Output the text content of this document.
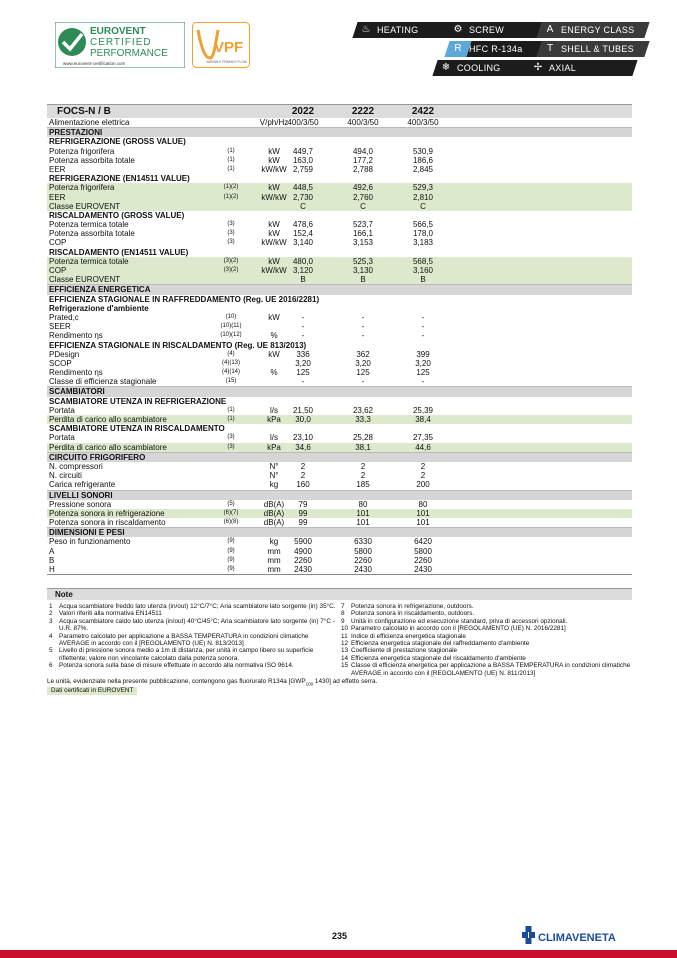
EUROVENT
CERTIFIED
PERFORMANCE
www.eurovent-certification.com
VPF
VARIABLE PRIMARY FLOW
♨ HEATING	⚙ SCREW	A ENERGY CLASS
R HFC R-134a	T SHELL & TUBES
❄ COOLING	✢ AXIAL
FOCS-N / B	2022	2222	2422
Alimentazione elettrica	V/ph/Hz 400/3/50	400/3/50	400/3/50
PRESTAZIONI
REFRIGERAZIONE (GROSS VALUE)
Potenza frigorifera	(1)	kW	449,7	494,0	530,9
Potenza assorbita totale	(1)	kW	163,0	177,2	186,6
EER	(1)	kW/kW 2,759	2,788	2,845
REFRIGERAZIONE (EN14511 VALUE)
Potenza frigorifera	(1)(2)	kW	448,5	492,6	529,3
EER	(1)(2)	kW/kW 2,730	2,760	2,810
Classe EUROVENT	C	C	C
RISCALDAMENTO (GROSS VALUE)
Potenza termica totale	(3)	kW	478,6	523,7	566,5
Potenza assorbita totale	(3)	kW	152,4	166,1	178,0
COP	(3)	kW/kW 3,140	3,153	3,183
RISCALDAMENTO (EN14511 VALUE)
Potenza termica totale	(3)(2)	kW	480,0	525,3	568,5
COP	(3)(2)	kW/kW 3,120	3,130	3,160
Classe EUROVENT	B	B	B
EFFICIENZA ENERGETICA
EFFICIENZA STAGIONALE IN RAFFREDDAMENTO (Reg. UE 2016/2281)
Refrigerazione d'ambiente
Prated,c	(10)	kW	-	-	-
SEER	(10)(11)	-	-	-
Rendimento ηs	(10)(12)	%	-	-	-
EFFICIENZA STAGIONALE IN RISCALDAMENTO (Reg. UE 813/2013)
PDesign	(4)	kW	336	362	399
SCOP	(4)(13)	3,20	3,20	3,20
Rendimento ηs	(4)(14)	%	125	125	125
Classe di efficienza stagionale	(15)	-	-	-
SCAMBIATORI
SCAMBIATORE UTENZA IN REFRIGERAZIONE
Portata	(1)	l/s	21,50	23,62	25,39
Perdita di carico allo scambiatore	(1)	kPa	30,0	33,3	38,4
SCAMBIATORE UTENZA IN RISCALDAMENTO
Portata	(3)	l/s	23,10	25,28	27,35
Perdita di carico allo scambiatore	(3)	kPa	34,6	38,1	44,6
CIRCUITO FRIGORIFERO
N. compressori	N°	2	2	2
N. circuiti	N°	2	2	2
Carica refrigerante	kg	160	185	200
LIVELLI SONORI
Pressione sonora	(5)	dB(A)	79	80	80
Potenza sonora in refrigerazione	(6)(7)	dB(A)	99	101	101
Potenza sonora in riscaldamento	(6)(8)	dB(A)	99	101	101
DIMENSIONI E PESI
Peso in funzionamento	(9)	kg	5900	6330	6420
A	(9)	mm	4900	5800	5800
B	(9)	mm	2260	2260	2260
H	(9)	mm	2430	2430	2430
Note
1 Acqua scambiatore freddo lato utenza (in/out) 12°C/7°C; Aria scambiatore lato sorgente (in) 35°C.
2 Valori riferiti alla normativa EN14511
3 Acqua scambiatore caldo lato utenza (in/out) 40°C/45°C; Aria scambiatore lato sorgente (in) 7°C - U.R. 87%.
4 Parametro calcolato per applicazione a BASSA TEMPERATURA in condizioni climatiche AVERAGE in accordo con il [REGOLAMENTO (UE) N. 813/2013]
5 Livello di pressione sonora medio a 1m di distanza, per unità in campo libero su superficie riflettente; valore non vincolante calcolato dalla potenza sonora.
6 Potenza sonora sulla base di misure effettuate in accordo alla normativa ISO 9614.
7 Potenza sonora in refrigerazione, outdoors.
8 Potenza sonora in riscaldamento, outdoors.
9 Unità in configurazione ed esecuzione standard, priva di accessori opzionali.
10 Parametro calcolato in accordo con il [REGOLAMENTO (UE) N. 2016/2281]
11 Indice di efficienza energetica stagionale
12 Efficienza energetica stagionale del raffreddamento d'ambiente
13 Coefficiente di prestazione stagionale
14 Efficienza energetica stagionale del riscaldamento d'ambiente
15 Classe di efficienza energetica per applicazione a BASSA TEMPERATURA in condizioni climatiche AVERAGE in accordo con il [REGOLAMENTO (UE) N. 811/2013]
Le unità, evidenziate nella presente pubblicazione, contengono gas fluorurato R134a [$GWP_{100}$ 1430] ad effetto serra.
Dati certificati in EUROVENT
235	CLIMAVENETA
